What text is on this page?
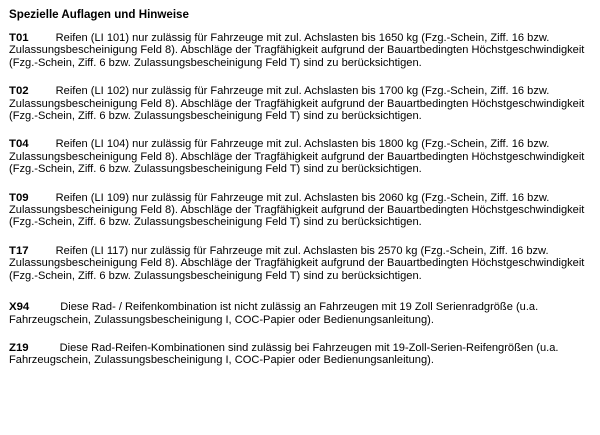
Spezielle Auflagen und Hinweise

T01 Reifen (LI 101) nur zulässig für Fahrzeuge mit zul. Achslasten bis 1650 kg (Fzg.-Schein, Ziff. 16 bzw. Zulassungsbescheinigung Feld 8). Abschläge der Tragfähigkeit aufgrund der Bauartbedingten Höchstgeschwindigkeit (Fzg.-Schein, Ziff. 6 bzw. Zulassungsbescheinigung Feld T) sind zu berücksichtigen.

T02 Reifen (LI 102) nur zulässig für Fahrzeuge mit zul. Achslasten bis 1700 kg (Fzg.-Schein, Ziff. 16 bzw. Zulassungsbescheinigung Feld 8). Abschläge der Tragfähigkeit aufgrund der Bauartbedingten Höchstgeschwindigkeit (Fzg.-Schein, Ziff. 6 bzw. Zulassungsbescheinigung Feld T) sind zu berücksichtigen.

T04 Reifen (LI 104) nur zulässig für Fahrzeuge mit zul. Achslasten bis 1800 kg (Fzg.-Schein, Ziff. 16 bzw. Zulassungsbescheinigung Feld 8). Abschläge der Tragfähigkeit aufgrund der Bauartbedingten Höchstgeschwindigkeit (Fzg.-Schein, Ziff. 6 bzw. Zulassungsbescheinigung Feld T) sind zu berücksichtigen.

T09 Reifen (LI 109) nur zulässig für Fahrzeuge mit zul. Achslasten bis 2060 kg (Fzg.-Schein, Ziff. 16 bzw. Zulassungsbescheinigung Feld 8). Abschläge der Tragfähigkeit aufgrund der Bauartbedingten Höchstgeschwindigkeit (Fzg.-Schein, Ziff. 6 bzw. Zulassungsbescheinigung Feld T) sind zu berücksichtigen.

T17 Reifen (LI 117) nur zulässig für Fahrzeuge mit zul. Achslasten bis 2570 kg (Fzg.-Schein, Ziff. 16 bzw. Zulassungsbescheinigung Feld 8). Abschläge der Tragfähigkeit aufgrund der Bauartbedingten Höchstgeschwindigkeit (Fzg.-Schein, Ziff. 6 bzw. Zulassungsbescheinigung Feld T) sind zu berücksichtigen.

X94	Diese Rad- / Reifenkombination ist nicht zulässig an Fahrzeugen mit 19 Zoll Serienradgröße (u.a. Fahrzeugschein, Zulassungsbescheinigung I, COC-Papier oder Bedienungsanleitung).

Z19	Diese Rad-Reifen-Kombinationen sind zulässig bei Fahrzeugen mit 19-Zoll-Serien-Reifengrößen (u.a. Fahrzeugschein, Zulassungsbescheinigung I, COC-Papier oder Bedienungsanleitung).
